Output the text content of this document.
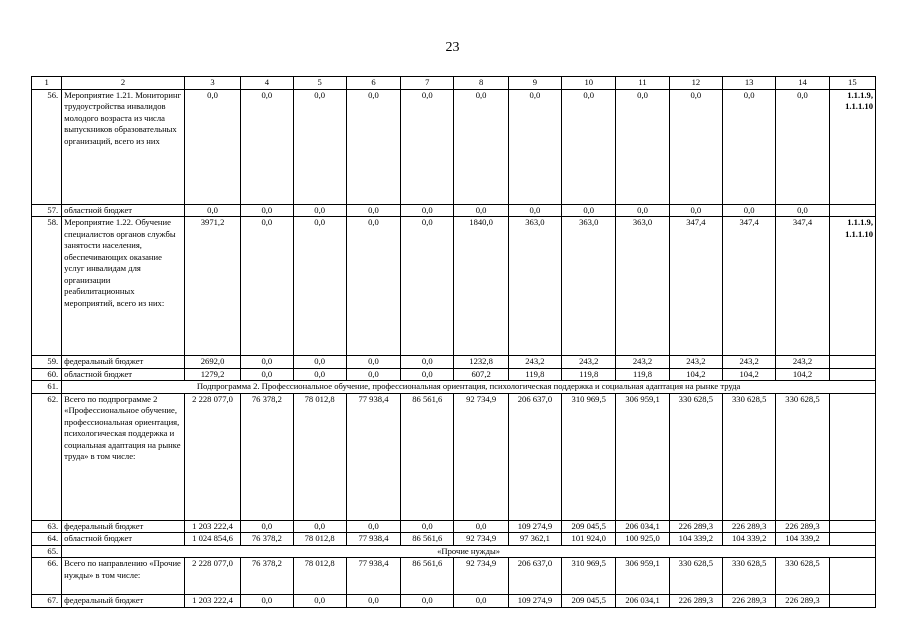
23
1	2	3	4	5	6	7	8	9	10	11	12	13	14	15
56.	Мероприятие 1.21. Мониторинг трудоустройства инвалидов молодого возраста из числа выпускников образовательных организаций, всего из них	0,0	0,0	0,0	0,0	0,0	0,0	0,0	0,0	0,0	0,0	0,0	0,0	1.1.1.9, 1.1.1.10
57.	областной бюджет	0,0	0,0	0,0	0,0	0,0	0,0	0,0	0,0	0,0	0,0	0,0	0,0	
58.	Мероприятие 1.22. Обучение специалистов органов службы занятости населения, обеспечивающих оказание услуг инвалидам для организации реабилитационных мероприятий, всего из них:	3971,2	0,0	0,0	0,0	0,0	1840,0	363,0	363,0	363,0	347,4	347,4	347,4	1.1.1.9, 1.1.1.10
59.	федеральный бюджет	2692,0	0,0	0,0	0,0	0,0	1232,8	243,2	243,2	243,2	243,2	243,2	243,2	
60.	областной бюджет	1279,2	0,0	0,0	0,0	0,0	607,2	119,8	119,8	119,8	104,2	104,2	104,2	
61.	Подпрограмма 2. Профессиональное обучение, профессиональная ориентация, психологическая поддержка и социальная адаптация на рынке труда													
62.	Всего по подпрограмме 2 «Профессиональное обучение, профессиональная ориентация, психологическая поддержка и социальная адаптация на рынке труда» в том числе:	2 228 077,0	76 378,2	78 012,8	77 938,4	86 561,6	92 734,9	206 637,0	310 969,5	306 959,1	330 628,5	330 628,5	330 628,5	
63.	федеральный бюджет	1 203 222,4	0,0	0,0	0,0	0,0	0,0	109 274,9	209 045,5	206 034,1	226 289,3	226 289,3	226 289,3	
64.	областной бюджет	1 024 854,6	76 378,2	78 012,8	77 938,4	86 561,6	92 734,9	97 362,1	101 924,0	100 925,0	104 339,2	104 339,2	104 339,2	
65.	«Прочие нужды»													
66.	Всего по направлению «Прочие нужды» в том числе:	2 228 077,0	76 378,2	78 012,8	77 938,4	86 561,6	92 734,9	206 637,0	310 969,5	306 959,1	330 628,5	330 628,5	330 628,5	
67.	федеральный бюджет	1 203 222,4	0,0	0,0	0,0	0,0	0,0	109 274,9	209 045,5	206 034,1	226 289,3	226 289,3	226 289,3	
